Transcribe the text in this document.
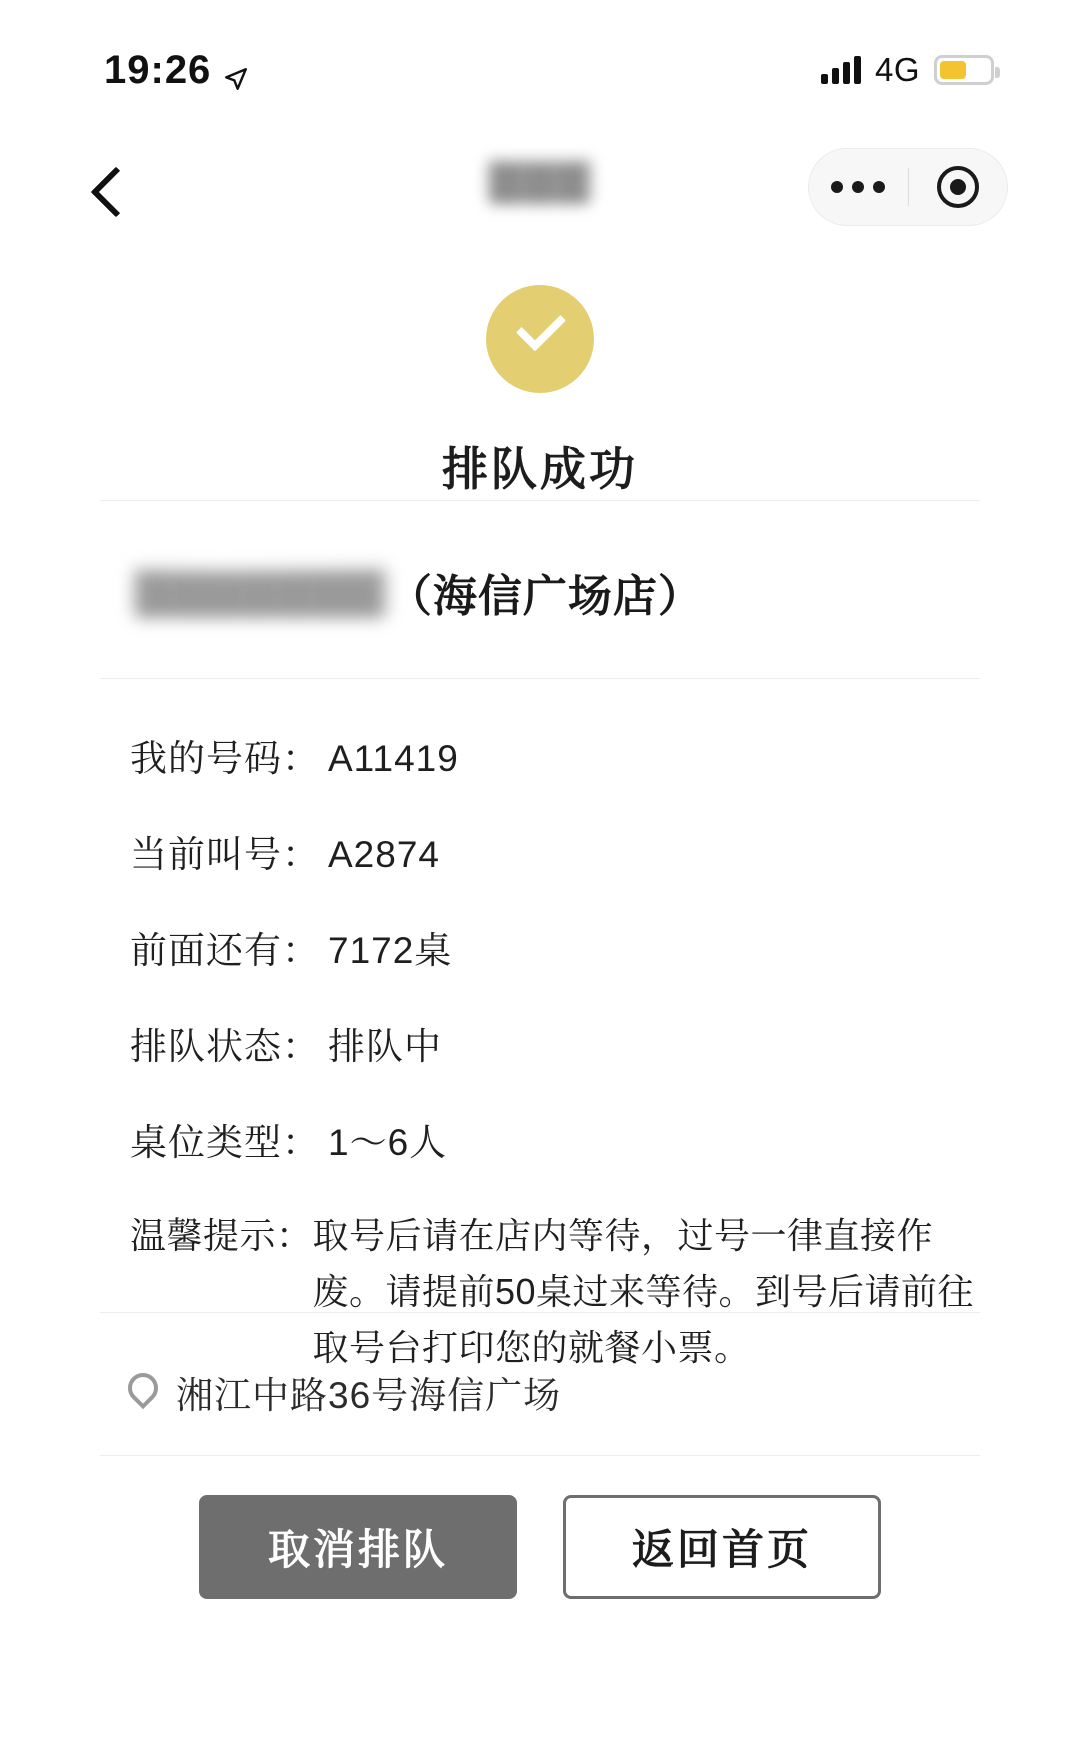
19:26	4G
▇▇▇
排队成功
▇▇▇▇▇▇▇ （海信广场店）
我的号码： A11419
当前叫号： A2874
前面还有： 7172桌
排队状态： 排队中
桌位类型： 1～6人
温馨提示： 取号后请在店内等待，过号一律直接作废。请提前50桌过来等待。到号后请前往取号台打印您的就餐小票。
湘江中路36号海信广场
取消排队	返回首页
